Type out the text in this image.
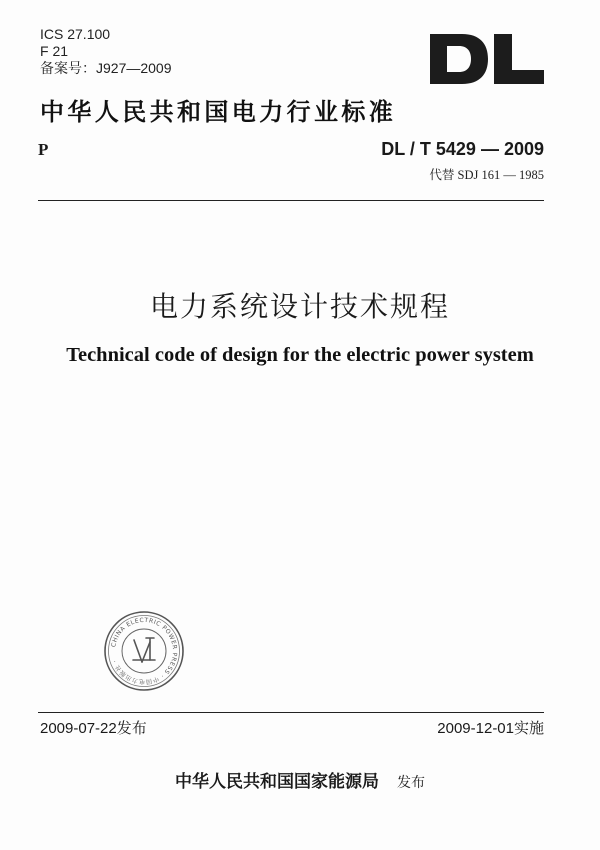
ICS 27.100
F 21
备案号：J927—2009
中华人民共和国电力行业标准
P	DL / T 5429 — 2009
代替 SDJ 161 — 1985
电力系统设计技术规程
Technical code of design for the electric power system
CHINA ELECTRIC POWER PRESS · 中国电力出版社 ·
2009-07-22发布	2009-12-01实施
中华人民共和国国家能源局 发布
